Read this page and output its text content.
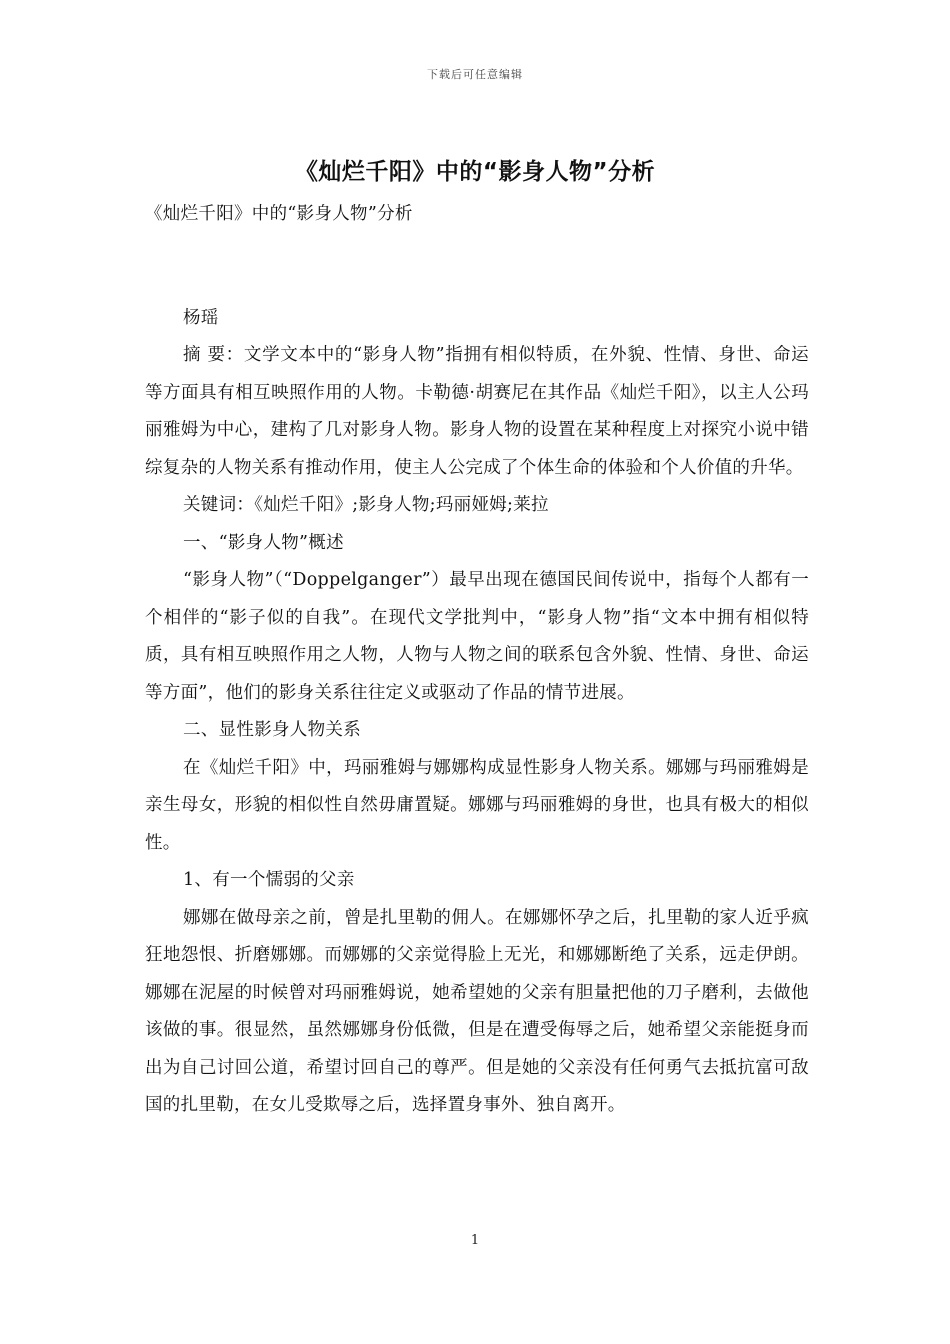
下载后可任意编辑
《灿烂千阳》中的“影身人物”分析

《灿烂千阳》中的“影身人物”分析

杨瑶

摘 要：文学文本中的“影身人物”指拥有相似特质，在外貌、性情、身世、命运等方面具有相互映照作用的人物。卡勒德·胡赛尼在其作品《灿烂千阳》，以主人公玛丽雅姆为中心，建构了几对影身人物。影身人物的设置在某种程度上对探究小说中错综复杂的人物关系有推动作用，使主人公完成了个体生命的体验和个人价值的升华。

关键词：《灿烂千阳》;影身人物;玛丽娅姆;莱拉

一、“影身人物”概述

“影身人物”（“Doppelganger”）最早出现在德国民间传说中，指每个人都有一个相伴的“影子似的自我”。在现代文学批判中，“影身人物”指“文本中拥有相似特质，具有相互映照作用之人物，人物与人物之间的联系包含外貌、性情、身世、命运等方面”，他们的影身关系往往定义或驱动了作品的情节进展。

二、显性影身人物关系

在《灿烂千阳》中，玛丽雅姆与娜娜构成显性影身人物关系。娜娜与玛丽雅姆是亲生母女，形貌的相似性自然毋庸置疑。娜娜与玛丽雅姆的身世，也具有极大的相似性。

1、有一个懦弱的父亲

娜娜在做母亲之前，曾是扎里勒的佣人。在娜娜怀孕之后，扎里勒的家人近乎疯狂地怨恨、折磨娜娜。而娜娜的父亲觉得脸上无光，和娜娜断绝了关系，远走伊朗。娜娜在泥屋的时候曾对玛丽雅姆说，她希望她的父亲有胆量把他的刀子磨利，去做他该做的事。很显然，虽然娜娜身份低微，但是在遭受侮辱之后，她希望父亲能挺身而出为自己讨回公道，希望讨回自己的尊严。但是她的父亲没有任何勇气去抵抗富可敌国的扎里勒，在女儿受欺辱之后，选择置身事外、独自离开。

1
